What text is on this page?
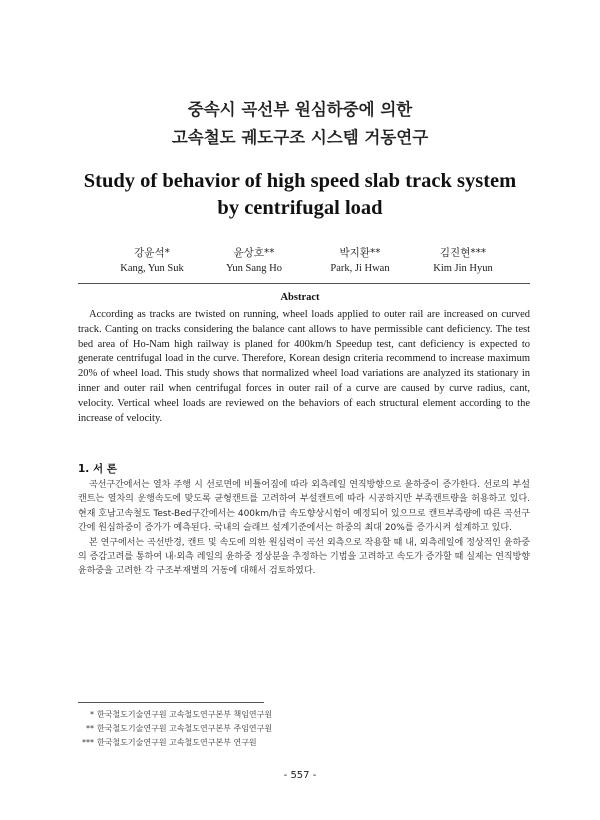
중속시 곡선부 원심하중에 의한
고속철도 궤도구조 시스템 거동연구
Study of behavior of high speed slab track system
by centrifugal load
강윤석*
Kang, Yun Suk
윤상호**
Yun Sang Ho
박지환**
Park, Ji Hwan
김진현***
Kim Jin Hyun
Abstract
According as tracks are twisted on running, wheel loads applied to outer rail are increased on curved track. Canting on tracks considering the balance cant allows to have permissible cant deficiency. The test bed area of Ho-Nam high railway is planed for 400km/h Speedup test, cant deficiency is expected to generate centrifugal load in the curve. Therefore, Korean design criteria recommend to increase maximum 20% of wheel load. This study shows that normalized wheel load variations are analyzed its stationary in inner and outer rail when centrifugal forces in outer rail of a curve are caused by curve radius, cant, velocity. Vertical wheel loads are reviewed on the behaviors of each structural element according to the increase of velocity.
1. 서 론

곡선구간에서는 열차 주행 시 선로면에 비틀어짐에 따라 외측레일 연직방향으로 윤하중이 증가한다. 선로의 부설캔트는 열차의 운행속도에 맞도록 균형캔트를 고려하여 부설캔트에 따라 시공하지만 부족캔트량을 허용하고 있다. 현재 호남고속철도 Test-Bed구간에서는 400km/h급 속도향상시험이 예정되어 있으므로 캔트부족량에 따른 곡선구간에 원심하중이 증가가 예측된다. 국내의 슬래브 설계기준에서는 하중의 최대 20%를 증가시켜 설계하고 있다.

본 연구에서는 곡선반경, 캔트 및 속도에 의한 원심력이 곡선 외측으로 작용할 때 내, 외측레일에 정상적인 윤하중의 증감고려를 통하여 내·외측 레일의 윤하중 정상분을 추정하는 기법을 고려하고 속도가 증가할 때 실제는 연직방향 윤하중을 고려한 각 구조부재별의 거동에 대해서 검토하였다.

* 한국철도기술연구원 고속철도연구본부 책임연구원
** 한국철도기술연구원 고속철도연구본부 주임연구원
*** 한국철도기술연구원 고속철도연구본부 연구원
- 557 -
